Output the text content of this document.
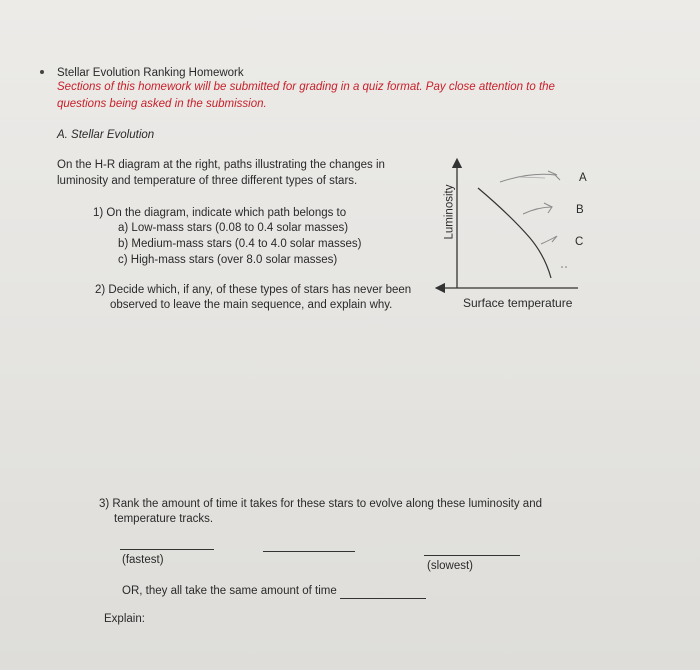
Stellar Evolution Ranking Homework
Sections of this homework will be submitted for grading in a quiz format. Pay close attention to the
questions being asked in the submission.
A. Stellar Evolution
On the H-R diagram at the right, paths illustrating the changes in
luminosity and temperature of three different types of stars.
1) On the diagram, indicate which path belongs to
a) Low-mass stars (0.08 to 0.4 solar masses)
b) Medium-mass stars (0.4 to 4.0 solar masses)
c) High-mass stars (over 8.0 solar masses)
2) Decide which, if any, of these types of stars has never been
observed to leave the main sequence, and explain why.
Luminosity
Surface temperature
A
B
C
3) Rank the amount of time it takes for these stars to evolve along these luminosity and
temperature tracks.
(fastest)	(slowest)
OR, they all take the same amount of time
Explain:
